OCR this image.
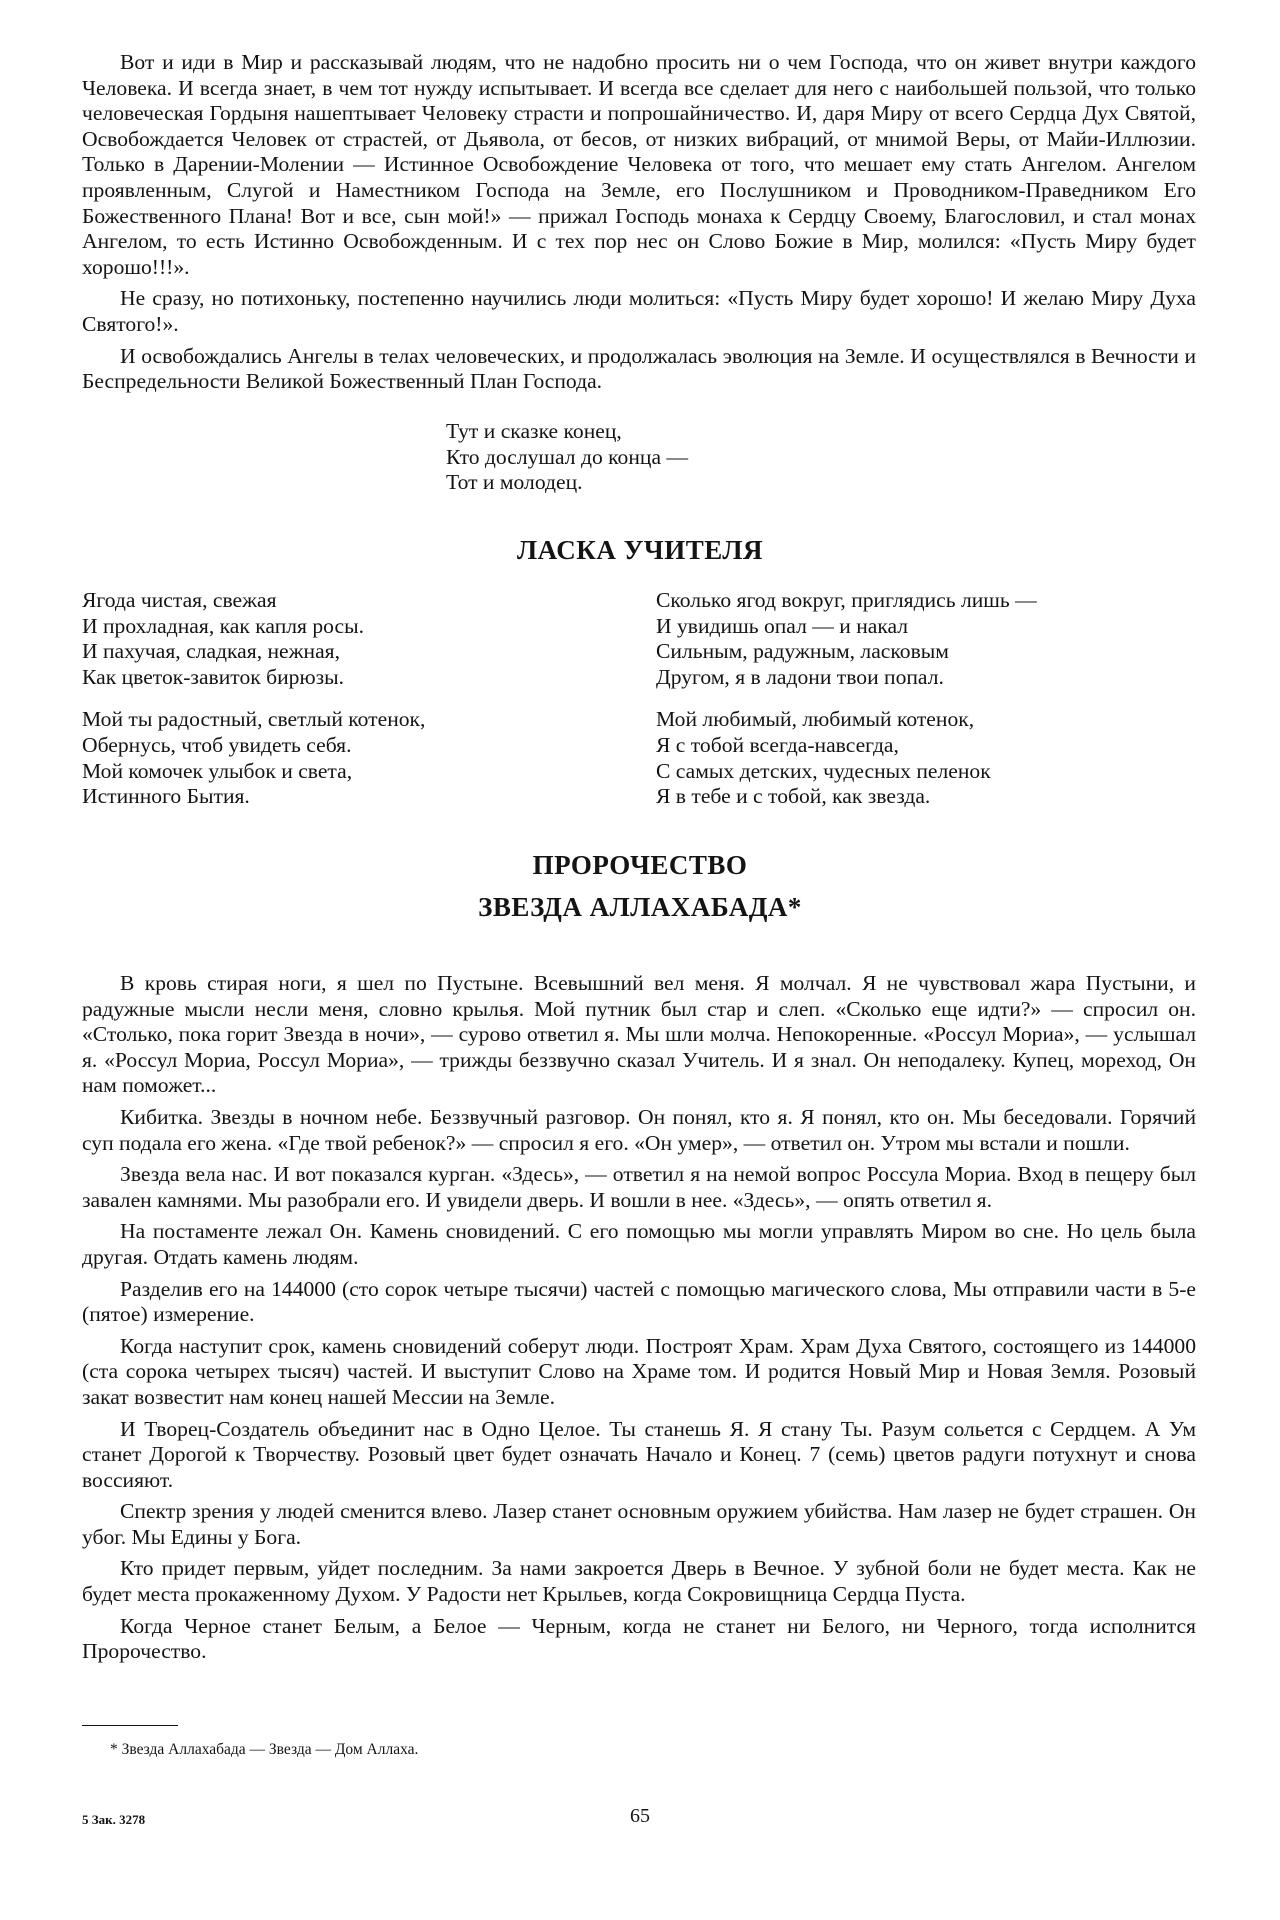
Вот и иди в Мир и рассказывай людям, что не надобно просить ни о чем Господа, что он живет внутри каждого Человека. И всегда знает, в чем тот нужду испытывает. И всегда все сделает для него с наибольшей пользой, что только человеческая Гордыня нашептывает Человеку страсти и попрошайничество. И, даря Миру от всего Сердца Дух Святой, Освобождается Человек от страстей, от Дьявола, от бесов, от низких вибраций, от мнимой Веры, от Майи-Иллюзии. Только в Дарении-Молении — Истинное Освобождение Человека от того, что мешает ему стать Ангелом. Ангелом проявленным, Слугой и Наместником Господа на Земле, его Послушником и Проводником-Праведником Его Божественного Плана! Вот и все, сын мой!» — прижал Господь монаха к Сердцу Своему, Благословил, и стал монах Ангелом, то есть Истинно Освобожденным. И с тех пор нес он Слово Божие в Мир, молился: «Пусть Миру будет хорошо!!!».

Не сразу, но потихоньку, постепенно научились люди молиться: «Пусть Миру будет хорошо! И желаю Миру Духа Святого!».

И освобождались Ангелы в телах человеческих, и продолжалась эволюция на Земле. И осуществлялся в Вечности и Беспредельности Великой Божественный План Господа.

Тут и сказке конец,
Кто дослушал до конца —
Тот и молодец.
ЛАСКА УЧИТЕЛЯ
Ягода чистая, свежая
И прохладная, как капля росы.
И пахучая, сладкая, нежная,
Как цветок-завиток бирюзы.
Мой ты радостный, светлый котенок,
Обернусь, чтоб увидеть себя.
Мой комочек улыбок и света,
Истинного Бытия.
Сколько ягод вокруг, приглядись лишь —
И увидишь опал — и накал
Сильным, радужным, ласковым
Другом, я в ладони твои попал.
Мой любимый, любимый котенок,
Я с тобой всегда-навсегда,
С самых детских, чудесных пеленок
Я в тебе и с тобой, как звезда.
ПРОРОЧЕСТВО
ЗВЕЗДА АЛЛАХАБАДА*

В кровь стирая ноги, я шел по Пустыне. Всевышний вел меня. Я молчал. Я не чувствовал жара Пустыни, и радужные мысли несли меня, словно крылья. Мой путник был стар и слеп. «Сколько еще идти?» — спросил он. «Столько, пока горит Звезда в ночи», — сурово ответил я. Мы шли молча. Непокоренные. «Россул Мориа», — услышал я. «Россул Мориа, Россул Мориа», — трижды беззвучно сказал Учитель. И я знал. Он неподалеку. Купец, мореход, Он нам поможет...

Кибитка. Звезды в ночном небе. Беззвучный разговор. Он понял, кто я. Я понял, кто он. Мы беседовали. Горячий суп подала его жена. «Где твой ребенок?» — спросил я его. «Он умер», — ответил он. Утром мы встали и пошли.

Звезда вела нас. И вот показался курган. «Здесь», — ответил я на немой вопрос Россула Мориа. Вход в пещеру был завален камнями. Мы разобрали его. И увидели дверь. И вошли в нее. «Здесь», — опять ответил я.

На постаменте лежал Он. Камень сновидений. С его помощью мы могли управлять Миром во сне. Но цель была другая. Отдать камень людям.

Разделив его на 144000 (сто сорок четыре тысячи) частей с помощью магического слова, Мы отправили части в 5-е (пятое) измерение.

Когда наступит срок, камень сновидений соберут люди. Построят Храм. Храм Духа Святого, состоящего из 144000 (ста сорока четырех тысяч) частей. И выступит Слово на Храме том. И родится Новый Мир и Новая Земля. Розовый закат возвестит нам конец нашей Мессии на Земле.

И Творец-Создатель объединит нас в Одно Целое. Ты станешь Я. Я стану Ты. Разум сольется с Сердцем. А Ум станет Дорогой к Творчеству. Розовый цвет будет означать Начало и Конец. 7 (семь) цветов радуги потухнут и снова воссияют.

Спектр зрения у людей сменится влево. Лазер станет основным оружием убийства. Нам лазер не будет страшен. Он убог. Мы Едины у Бога.

Кто придет первым, уйдет последним. За нами закроется Дверь в Вечное. У зубной боли не будет места. Как не будет места прокаженному Духом. У Радости нет Крыльев, когда Сокровищница Сердца Пуста.

Когда Черное станет Белым, а Белое — Черным, когда не станет ни Белого, ни Черного, тогда исполнится Пророчество.

* Звезда Аллахабада — Звезда — Дом Аллаха.
5 Зак. 3278	65
